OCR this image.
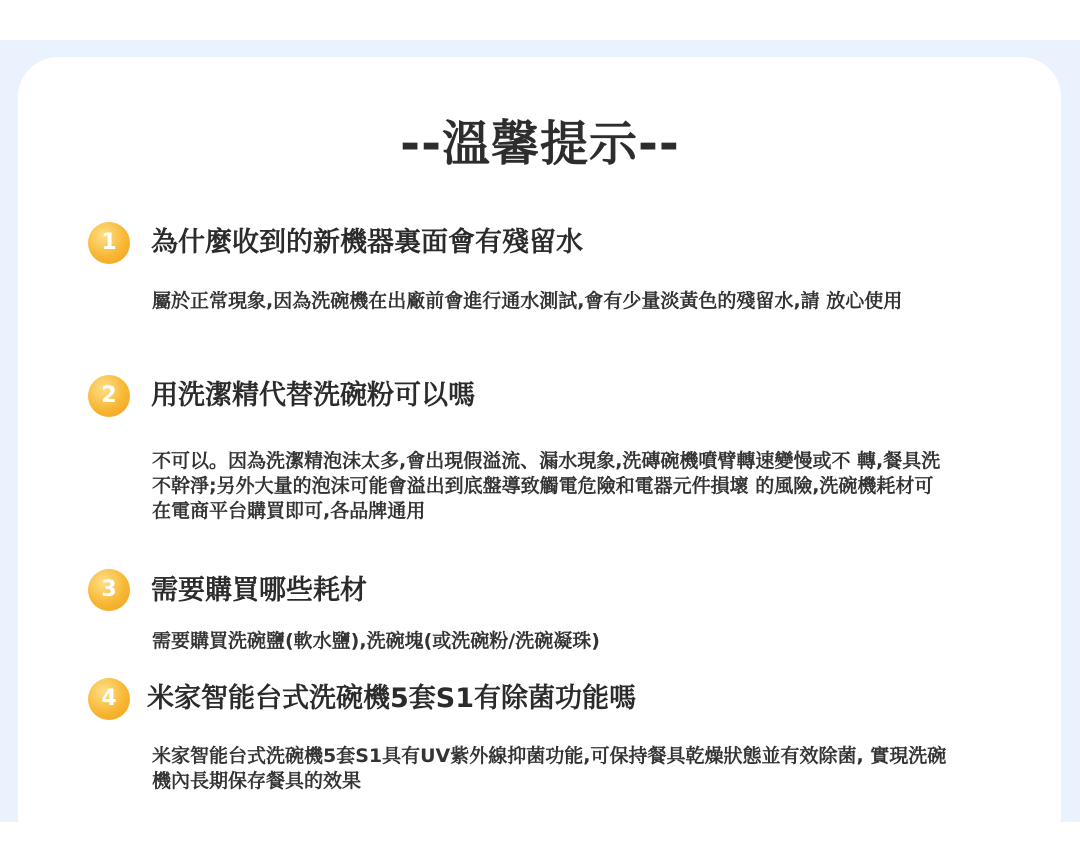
--溫馨提示--
1	為什麼收到的新機器裏面會有殘留水
屬於正常現象,因為洗碗機在出廠前會進行通水測試,會有少量淡黃色的殘留水,請 放心使用
2	用洗潔精代替洗碗粉可以嗎
不可以。因為洗潔精泡沫太多,會出現假溢流、漏水現象,洗磚碗機噴臂轉速變慢或不 轉,餐具洗不幹淨;另外大量的泡沫可能會溢出到底盤導致觸電危險和電器元件損壞 的風險,洗碗機耗材可在電商平台購買即可,各品牌通用
3	需要購買哪些耗材
需要購買洗碗鹽(軟水鹽),洗碗塊(或洗碗粉/洗碗凝珠)
4	米家智能台式洗碗機5套S1有除菌功能嗎
米家智能台式洗碗機5套S1具有UV紫外線抑菌功能,可保持餐具乾燥狀態並有效除菌, 實現洗碗機內長期保存餐具的效果
